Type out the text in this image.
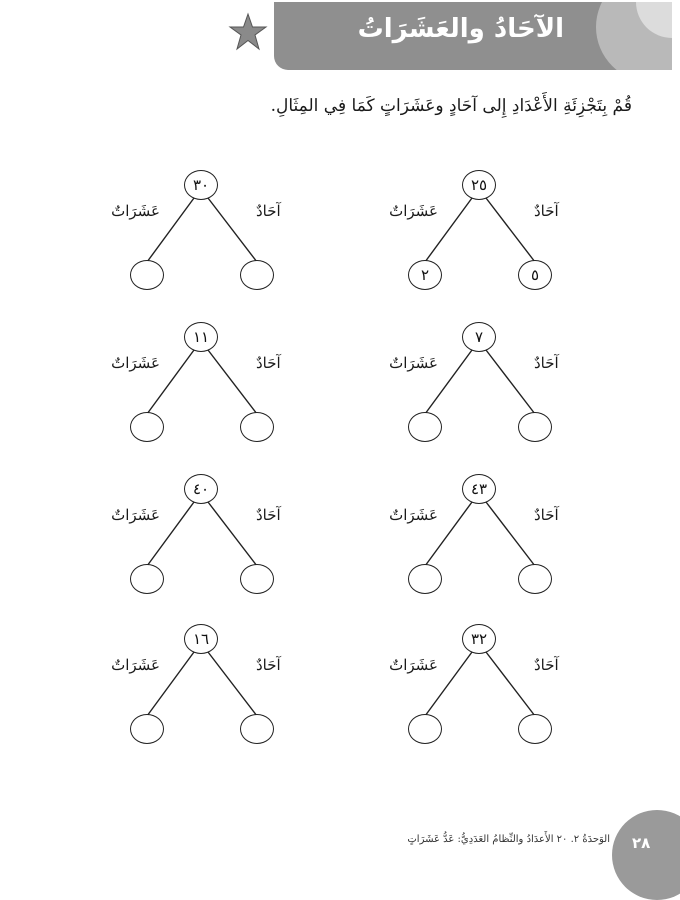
الآحَادُ والعَشَرَاتُ
قُمْ بِتَجْزِئَةِ الأَعْدَادِ إِلى آحَادٍ وعَشَرَاتٍ كَمَا فِي المِثَالِ.
٢٥
٢	٥
عَشَرَاتٌ	آحَادٌ
٣٠
عَشَرَاتٌ	آحَادٌ
٧
عَشَرَاتٌ	آحَادٌ
١١
عَشَرَاتٌ	آحَادٌ
٤٣
عَشَرَاتٌ	آحَادٌ
٤٠
عَشَرَاتٌ	آحَادٌ
٣٢
عَشَرَاتٌ	آحَادٌ
١٦
عَشَرَاتٌ	آحَادٌ
الوَحدَةُ ٢. ٢٠ الأَعدَادُ والنِّظامُ العَدَدِيُّ: عَدُّ عَشَرَاتٍ ٢٨
